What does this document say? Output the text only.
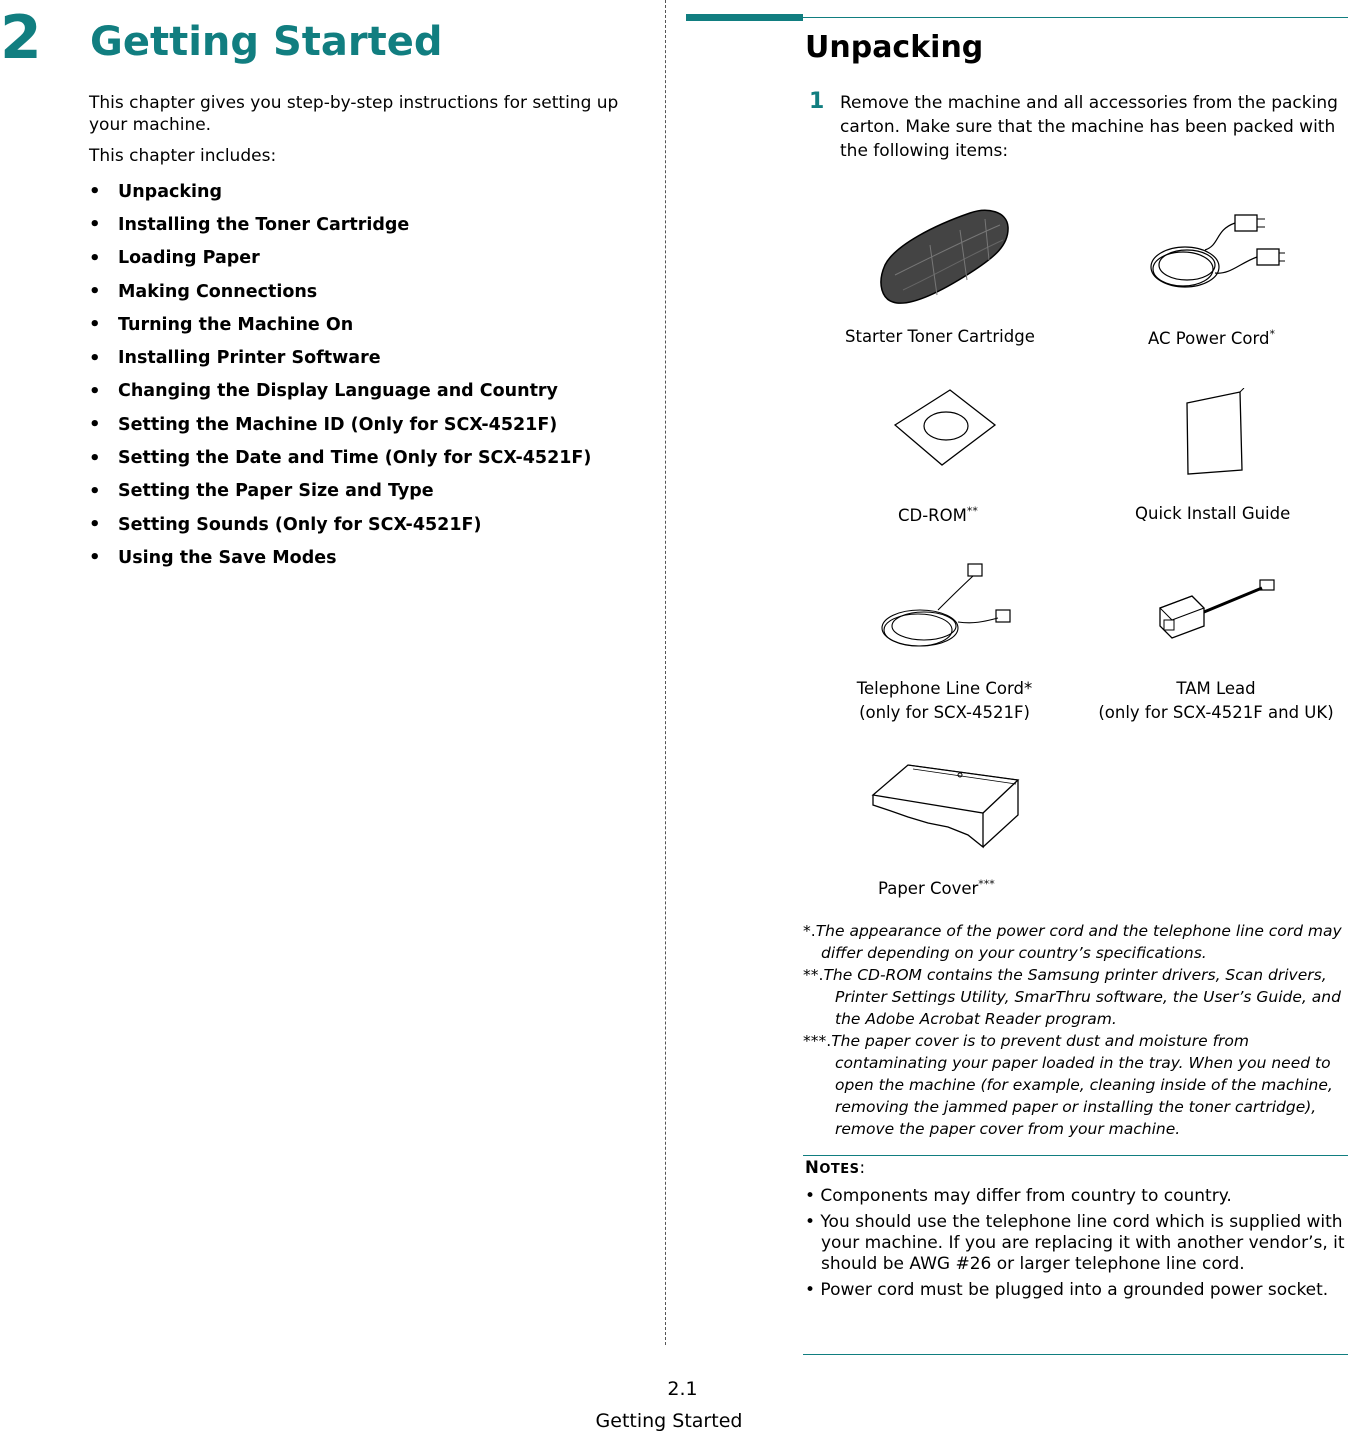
2 Getting Started

This chapter gives you step-by-step instructions for setting up your machine.

This chapter includes:

• Unpacking
• Installing the Toner Cartridge
• Loading Paper
• Making Connections
• Turning the Machine On
• Installing Printer Software
• Changing the Display Language and Country
• Setting the Machine ID (Only for SCX-4521F)
• Setting the Date and Time (Only for SCX-4521F)
• Setting the Paper Size and Type
• Setting Sounds (Only for SCX-4521F)
• Using the Save Modes
Unpacking
1 Remove the machine and all accessories from the packing carton. Make sure that the machine has been packed with the following items:

Starter Toner Cartridge	AC Power Cord*
CD-ROM**	Quick Install Guide
Telephone Line Cord*
(only for SCX-4521F)
TAM Lead
(only for SCX-4521F and UK)
Paper Cover***

*.The appearance of the power cord and the telephone line cord may differ depending on your country’s specifications.

**.The CD-ROM contains the Samsung printer drivers, Scan drivers, Printer Settings Utility, SmarThru software, the User’s Guide, and the Adobe Acrobat Reader program.

***.The paper cover is to prevent dust and moisture from contaminating your paper loaded in the tray. When you need to open the machine (for example, cleaning inside of the machine, removing the jammed paper or installing the toner cartridge), remove the paper cover from your machine.

NOTES:
• Components may differ from country to country.
• You should use the telephone line cord which is supplied with your machine. If you are replacing it with another vendor’s, it should be AWG #26 or larger telephone line cord.
• Power cord must be plugged into a grounded power socket.
2.1
Getting Started
